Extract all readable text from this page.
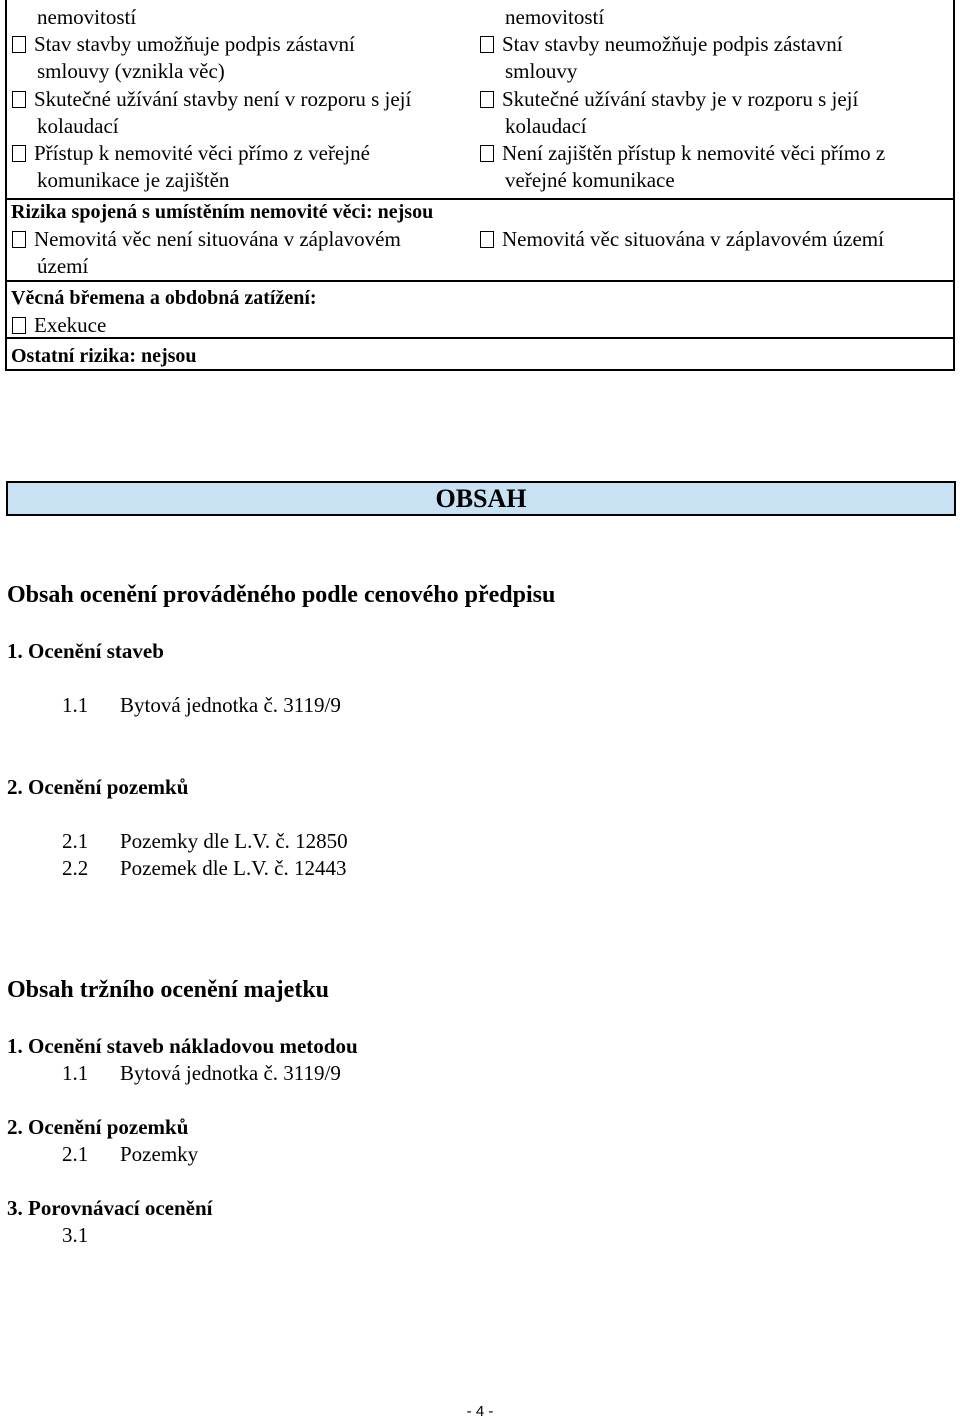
nemovitostí
Stav stavby umožňuje podpis zástavní
smlouvy (vznikla věc)
Skutečné užívání stavby není v rozporu s její
kolaudací
Přístup k nemovité věci přímo z veřejné
komunikace je zajištěn
nemovitostí
Stav stavby neumožňuje podpis zástavní
smlouvy
Skutečné užívání stavby je v rozporu s její
kolaudací
Není zajištěn přístup k nemovité věci přímo z
veřejné komunikace
Rizika spojená s umístěním nemovité věci: nejsou
Nemovitá věc není situována v záplavovém
území
Nemovitá věc situována v záplavovém území
Věcná břemena a obdobná zatížení:
Exekuce
Ostatní rizika: nejsou
OBSAH
Obsah ocenění prováděného podle cenového předpisu
1. Ocenění staveb
1.1 Bytová jednotka č. 3119/9
2. Ocenění pozemků
2.1 Pozemky dle L.V. č. 12850
2.2 Pozemek dle L.V. č. 12443
Obsah tržního ocenění majetku
1. Ocenění staveb nákladovou metodou
1.1 Bytová jednotka č. 3119/9
2. Ocenění pozemků
2.1 Pozemky
3. Porovnávací ocenění
3.1
- 4 -
